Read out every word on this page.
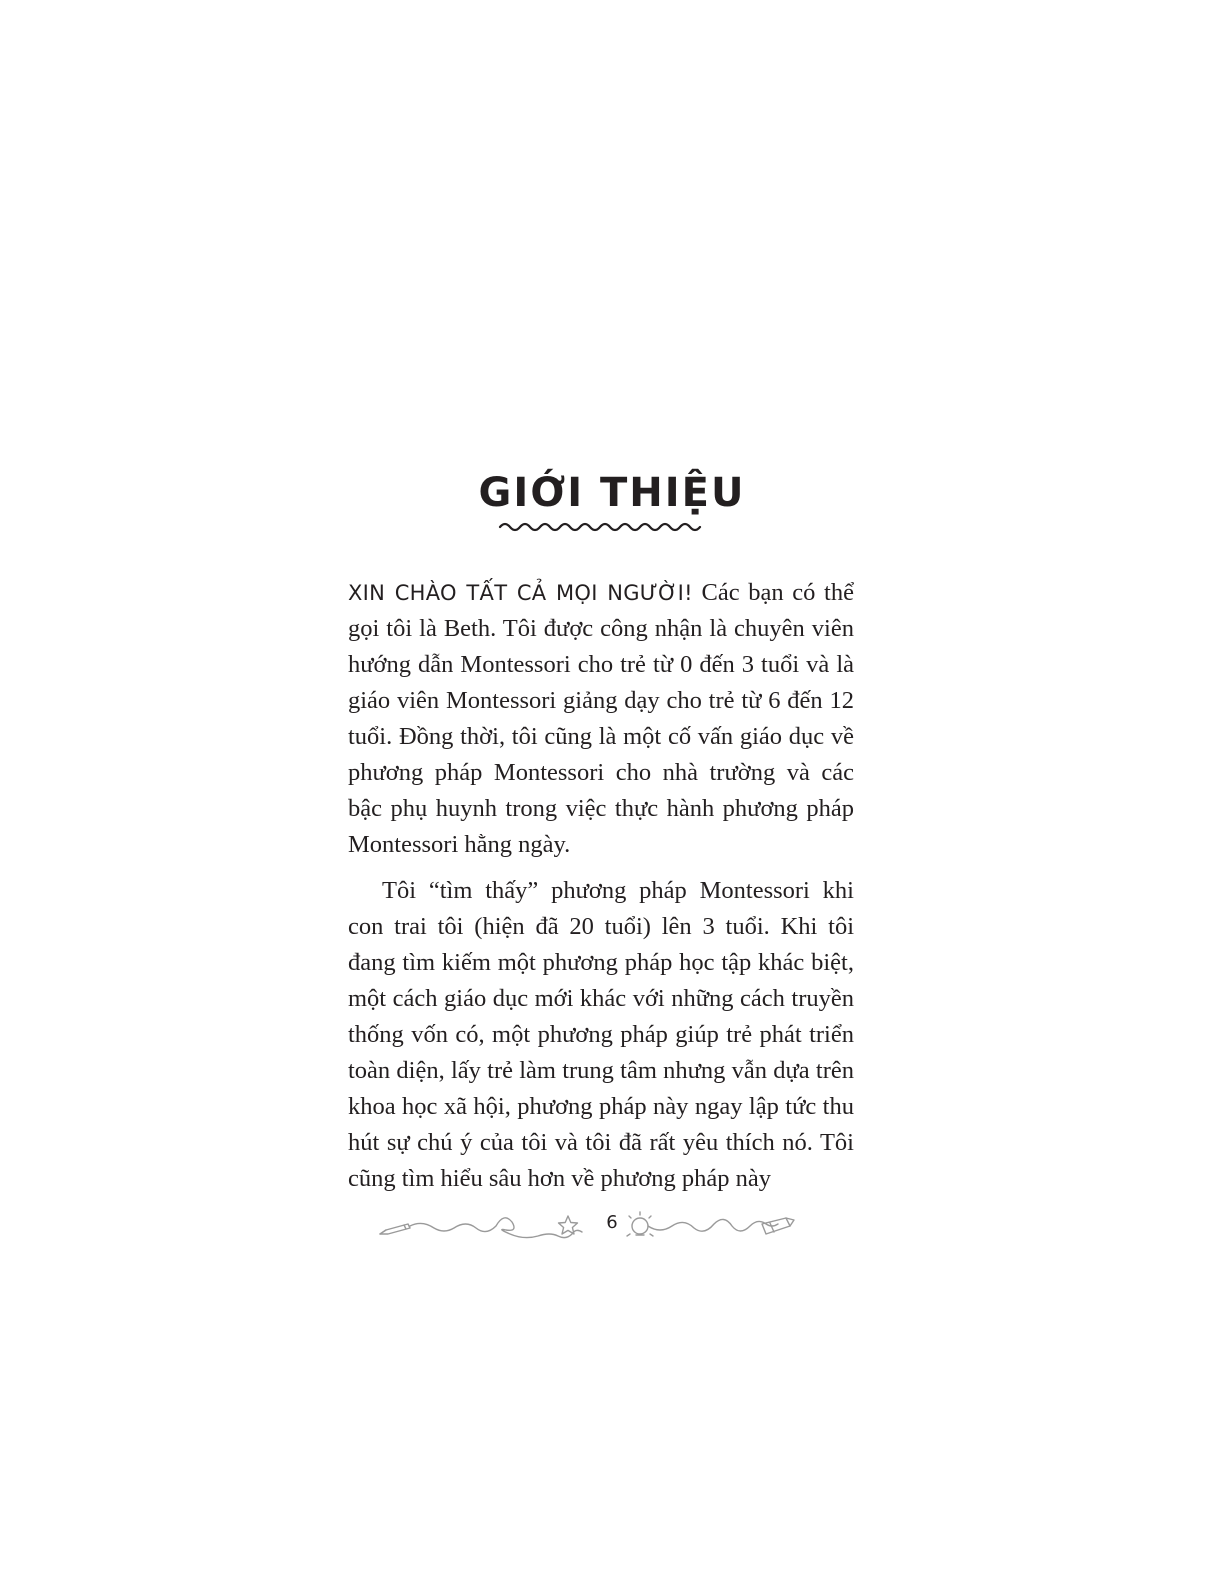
GIỚI THIỆU

XIN CHÀO TẤT CẢ MỌI NGƯỜI! Các bạn có thể gọi tôi là Beth. Tôi được công nhận là chuyên viên hướng dẫn Montessori cho trẻ từ 0 đến 3 tuổi và là giáo viên Montessori giảng dạy cho trẻ từ 6 đến 12 tuổi. Đồng thời, tôi cũng là một cố vấn giáo dục về phương pháp Montessori cho nhà trường và các bậc phụ huynh trong việc thực hành phương pháp Montessori hằng ngày.

Tôi “tìm thấy” phương pháp Montessori khi con trai tôi (hiện đã 20 tuổi) lên 3 tuổi. Khi tôi đang tìm kiếm một phương pháp học tập khác biệt, một cách giáo dục mới khác với những cách truyền thống vốn có, một phương pháp giúp trẻ phát triển toàn diện, lấy trẻ làm trung tâm nhưng vẫn dựa trên khoa học xã hội, phương pháp này ngay lập tức thu hút sự chú ý của tôi và tôi đã rất yêu thích nó. Tôi cũng tìm hiểu sâu hơn về phương pháp này

6
